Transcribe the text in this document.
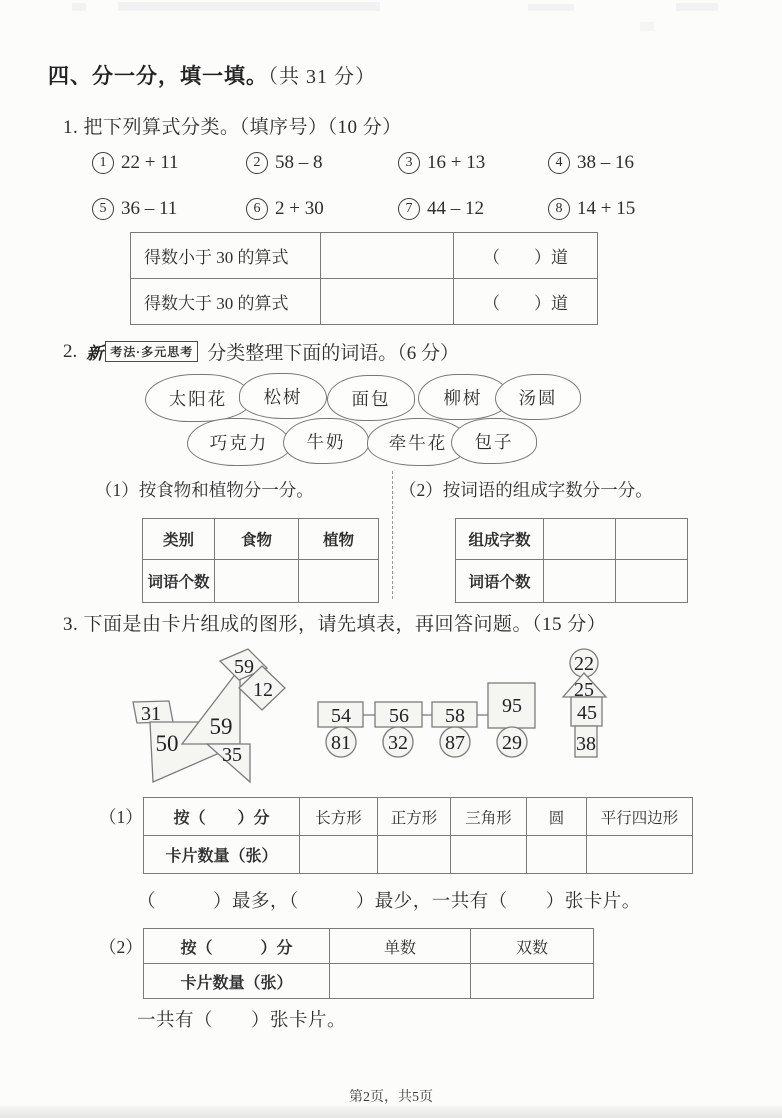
四、分一分，填一填。（共 31 分）
1. 把下列算式分类。（填序号）（10 分）
1 22 + 11	2 58 – 8	3 16 + 13	4 38 – 16
5 36 – 11	6 2 + 30	7 44 – 12	8 14 + 15
得数小于 30 的算式		（　　）道
得数大于 30 的算式		（　　）道
2. 新 考法·多元思考 分类整理下面的词语。（6 分）
太阳花	松树	面包	柳树	汤圆
巧克力	牛奶	牵牛花	包子
（1）按食物和植物分一分。	（2）按词语的组成字数分一分。
类别	食物	植物
词语个数		
组成字数		
词语个数		
3. 下面是由卡片组成的图形，请先填表，再回答问题。（15 分）
31
50
59
35
59
12
54 56 58 95
81 32 87 29
22
25
45
38
（1） 按（　　）分	长方形	正方形	三角形	圆	平行四边形
卡片数量（张）					
（　　　）最多，（　　　）最少，一共有（　　）张卡片。
（2） 按（　　　）分	单数	双数
卡片数量（张）		
一共有（　　）张卡片。
第2页，共5页
